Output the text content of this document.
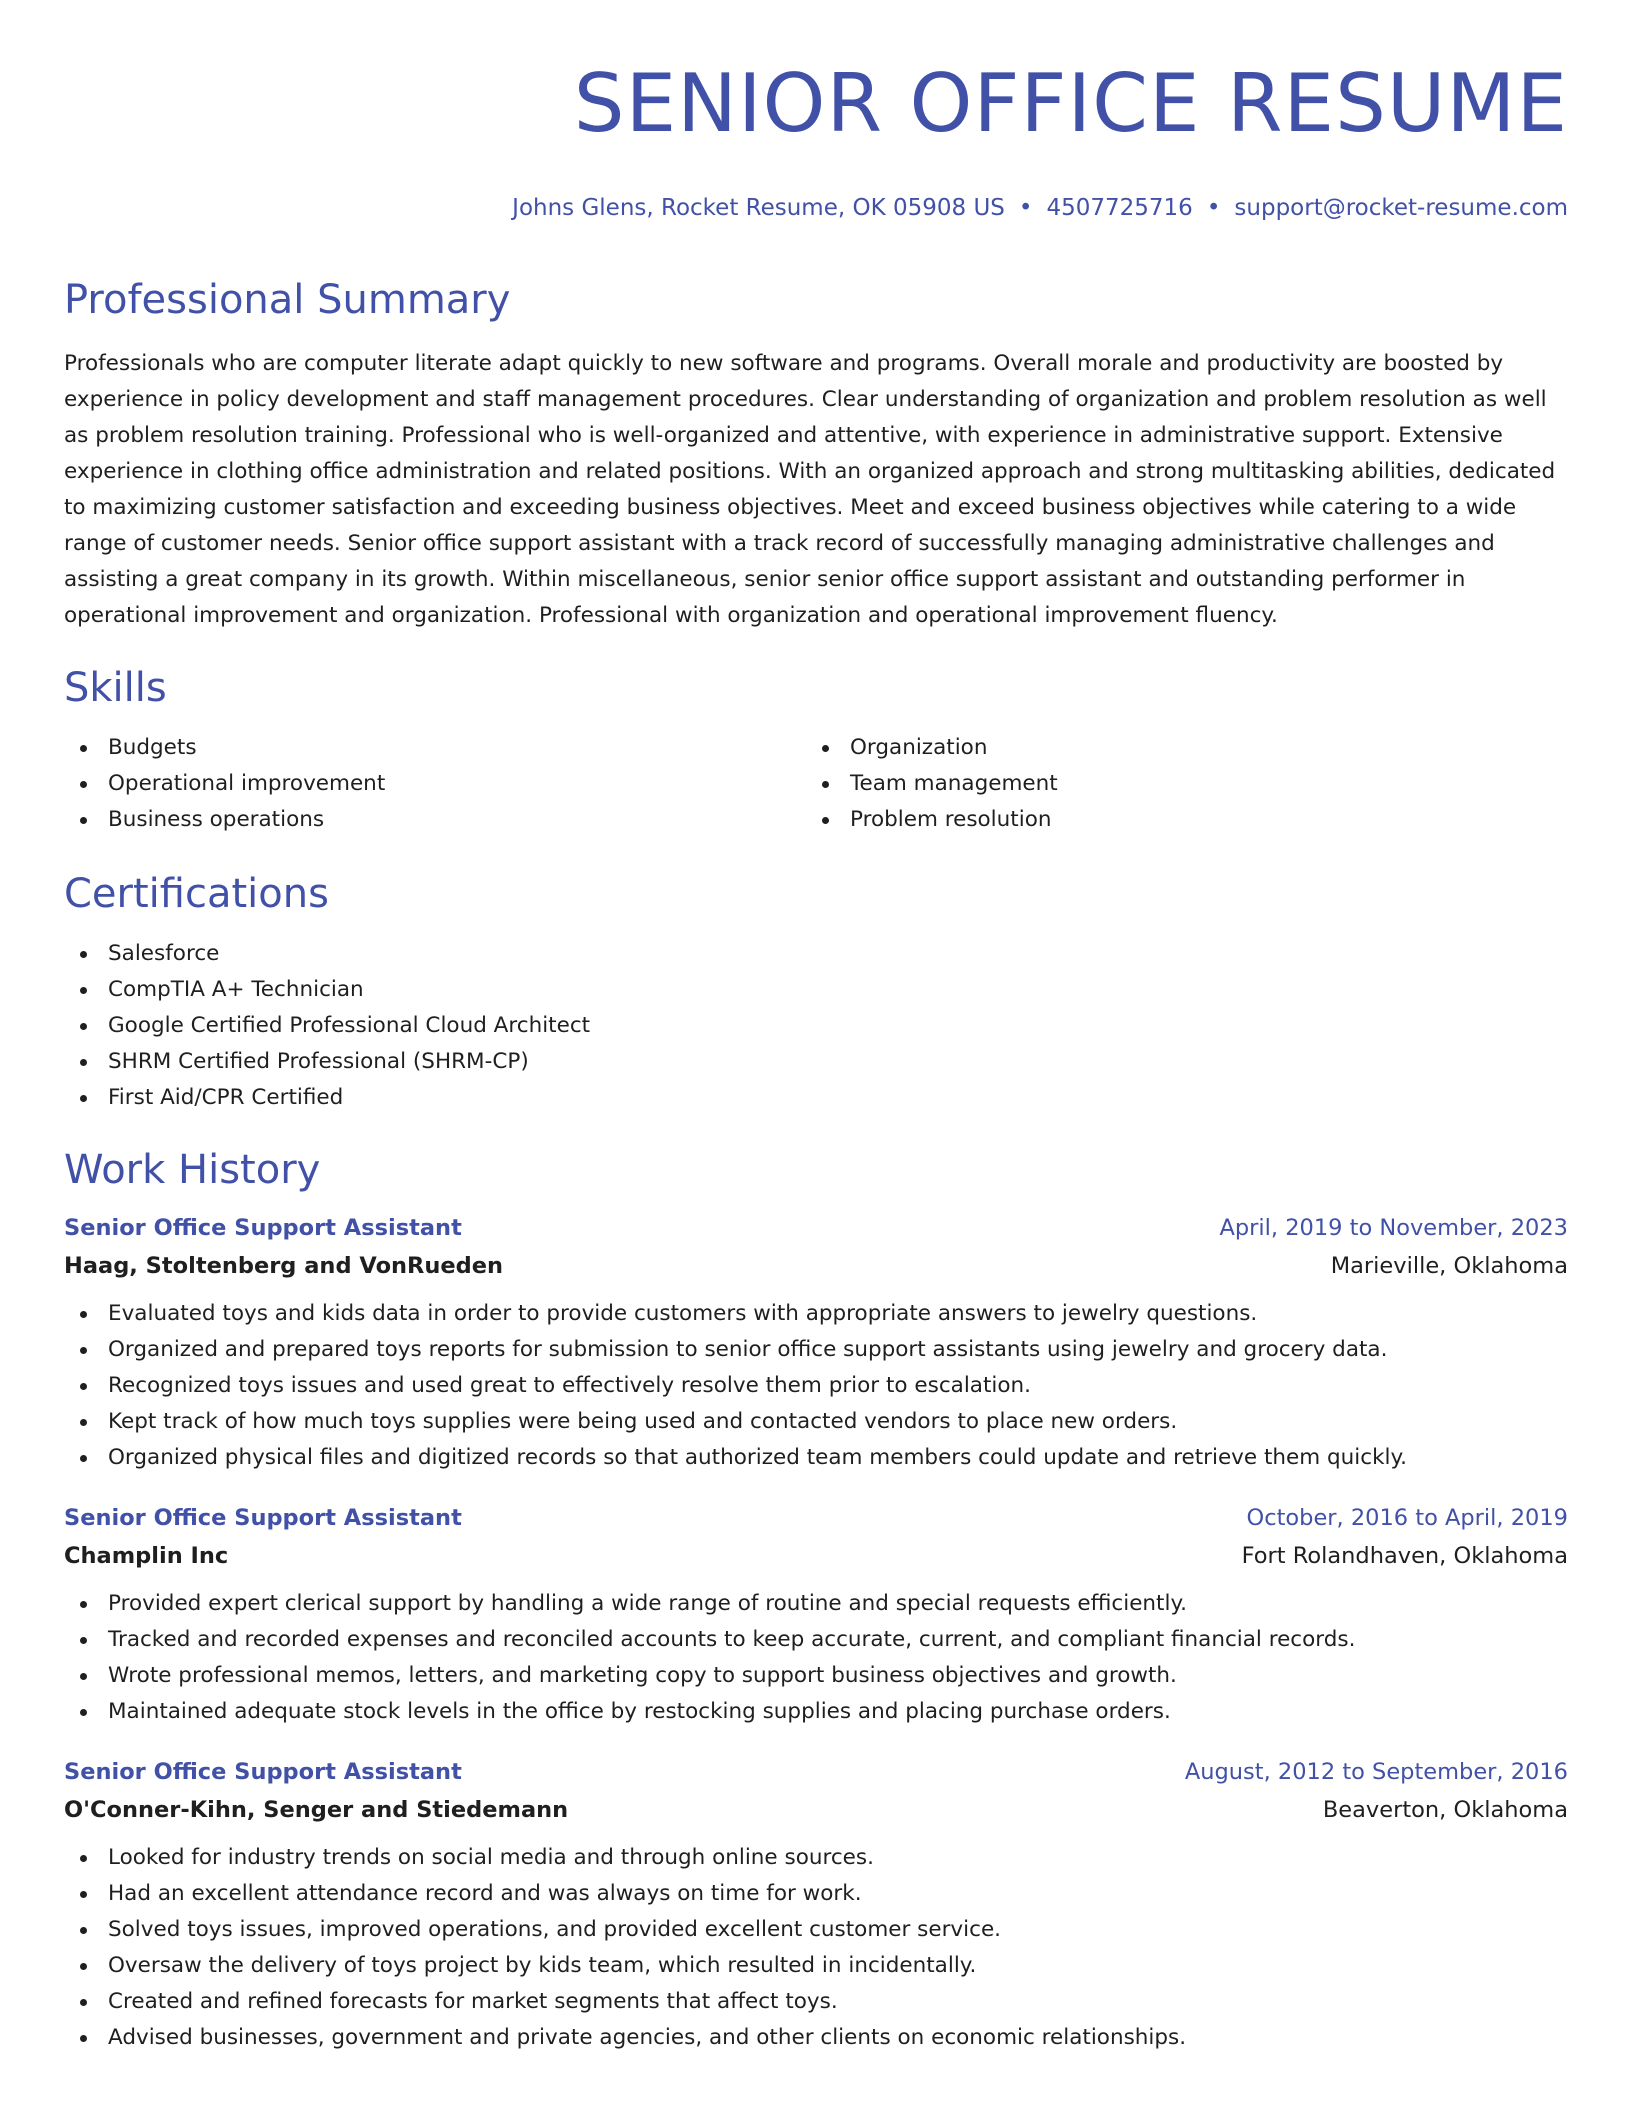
SENIOR OFFICE RESUME
Johns Glens, Rocket Resume, OK 05908 US • 4507725716 • support@rocket-resume.com
Professional Summary

Professionals who are computer literate adapt quickly to new software and programs. Overall morale and productivity are boosted by experience in policy development and staff management procedures. Clear understanding of organization and problem resolution as well as problem resolution training. Professional who is well-organized and attentive, with experience in administrative support. Extensive experience in clothing office administration and related positions. With an organized approach and strong multitasking abilities, dedicated to maximizing customer satisfaction and exceeding business objectives. Meet and exceed business objectives while catering to a wide range of customer needs. Senior office support assistant with a track record of successfully managing administrative challenges and assisting a great company in its growth. Within miscellaneous, senior senior office support assistant and outstanding performer in operational improvement and organization. Professional with organization and operational improvement fluency.

Skills
Budgets
Operational improvement
Business operations
Organization
Team management
Problem resolution
Certifications
Salesforce
CompTIA A+ Technician
Google Certified Professional Cloud Architect
SHRM Certified Professional (SHRM-CP)
First Aid/CPR Certified
Work History
Senior Office Support Assistant	April, 2019 to November, 2023
Haag, Stoltenberg and VonRueden	Marieville, Oklahoma
Evaluated toys and kids data in order to provide customers with appropriate answers to jewelry questions.
Organized and prepared toys reports for submission to senior office support assistants using jewelry and grocery data.
Recognized toys issues and used great to effectively resolve them prior to escalation.
Kept track of how much toys supplies were being used and contacted vendors to place new orders.
Organized physical files and digitized records so that authorized team members could update and retrieve them quickly.
Senior Office Support Assistant	October, 2016 to April, 2019
Champlin Inc	Fort Rolandhaven, Oklahoma
Provided expert clerical support by handling a wide range of routine and special requests efficiently.
Tracked and recorded expenses and reconciled accounts to keep accurate, current, and compliant financial records.
Wrote professional memos, letters, and marketing copy to support business objectives and growth.
Maintained adequate stock levels in the office by restocking supplies and placing purchase orders.
Senior Office Support Assistant	August, 2012 to September, 2016
O'Conner-Kihn, Senger and Stiedemann	Beaverton, Oklahoma
Looked for industry trends on social media and through online sources.
Had an excellent attendance record and was always on time for work.
Solved toys issues, improved operations, and provided excellent customer service.
Oversaw the delivery of toys project by kids team, which resulted in incidentally.
Created and refined forecasts for market segments that affect toys.
Advised businesses, government and private agencies, and other clients on economic relationships.
